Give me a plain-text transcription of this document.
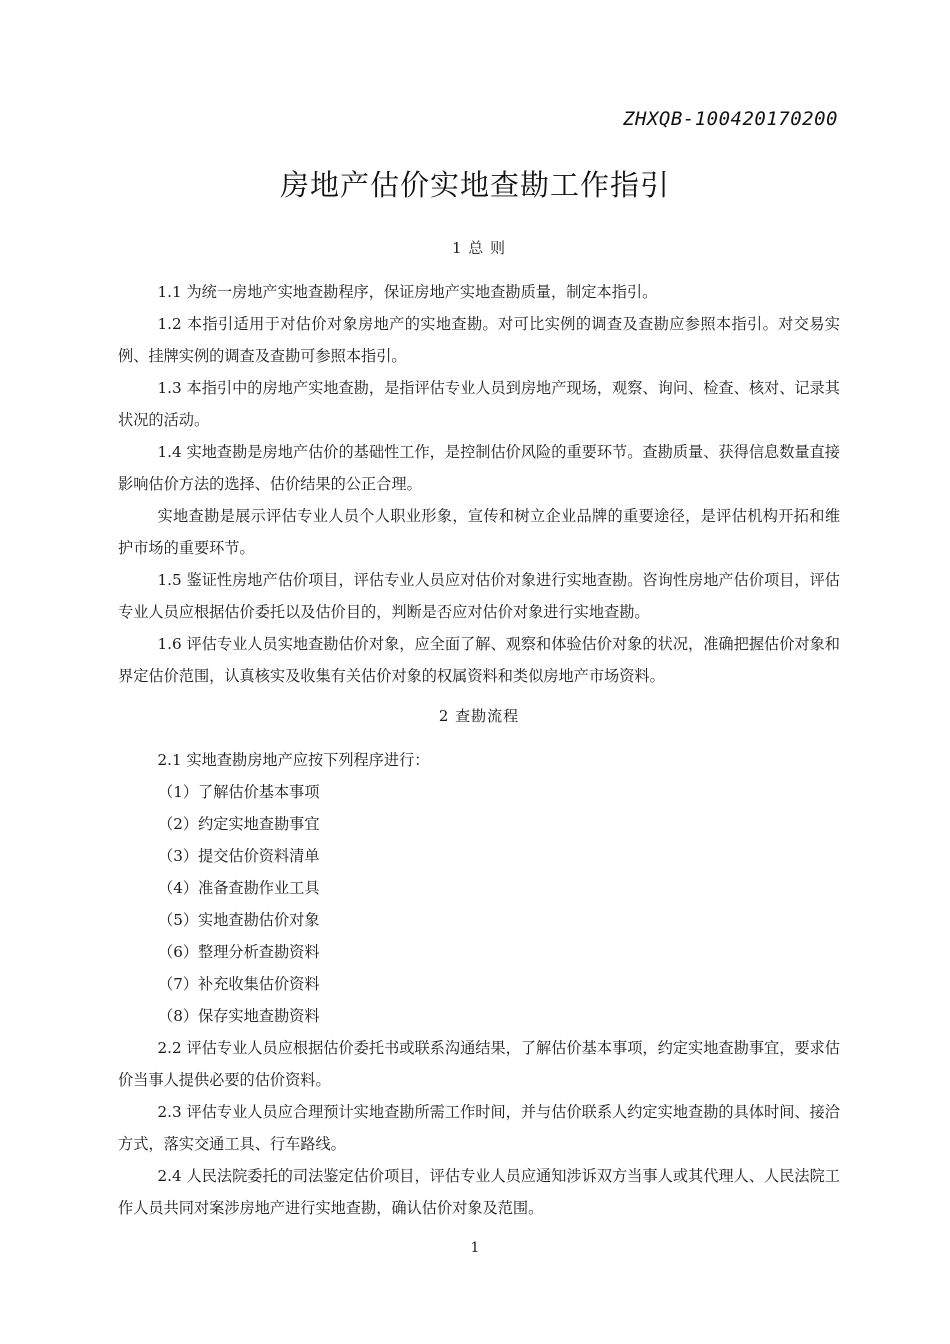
ZHXQB-100420170200
房地产估价实地查勘工作指引
1 总 则

1.1 为统一房地产实地查勘程序，保证房地产实地查勘质量，制定本指引。

1.2 本指引适用于对估价对象房地产的实地查勘。对可比实例的调查及查勘应参照本指引。对交易实例、挂牌实例的调查及查勘可参照本指引。

1.3 本指引中的房地产实地查勘，是指评估专业人员到房地产现场，观察、询问、检查、核对、记录其状况的活动。

1.4 实地查勘是房地产估价的基础性工作，是控制估价风险的重要环节。查勘质量、获得信息数量直接影响估价方法的选择、估价结果的公正合理。

实地查勘是展示评估专业人员个人职业形象，宣传和树立企业品牌的重要途径，是评估机构开拓和维护市场的重要环节。

1.5 鉴证性房地产估价项目，评估专业人员应对估价对象进行实地查勘。咨询性房地产估价项目，评估专业人员应根据估价委托以及估价目的，判断是否应对估价对象进行实地查勘。

1.6 评估专业人员实地查勘估价对象，应全面了解、观察和体验估价对象的状况，准确把握估价对象和界定估价范围，认真核实及收集有关估价对象的权属资料和类似房地产市场资料。

2 查勘流程

2.1 实地查勘房地产应按下列程序进行：

（1）了解估价基本事项

（2）约定实地查勘事宜

（3）提交估价资料清单

（4）准备查勘作业工具

（5）实地查勘估价对象

（6）整理分析查勘资料

（7）补充收集估价资料

（8）保存实地查勘资料

2.2 评估专业人员应根据估价委托书或联系沟通结果，了解估价基本事项，约定实地查勘事宜，要求估价当事人提供必要的估价资料。

2.3 评估专业人员应合理预计实地查勘所需工作时间，并与估价联系人约定实地查勘的具体时间、接洽方式，落实交通工具、行车路线。

2.4 人民法院委托的司法鉴定估价项目，评估专业人员应通知涉诉双方当事人或其代理人、人民法院工作人员共同对案涉房地产进行实地查勘，确认估价对象及范围。

1
